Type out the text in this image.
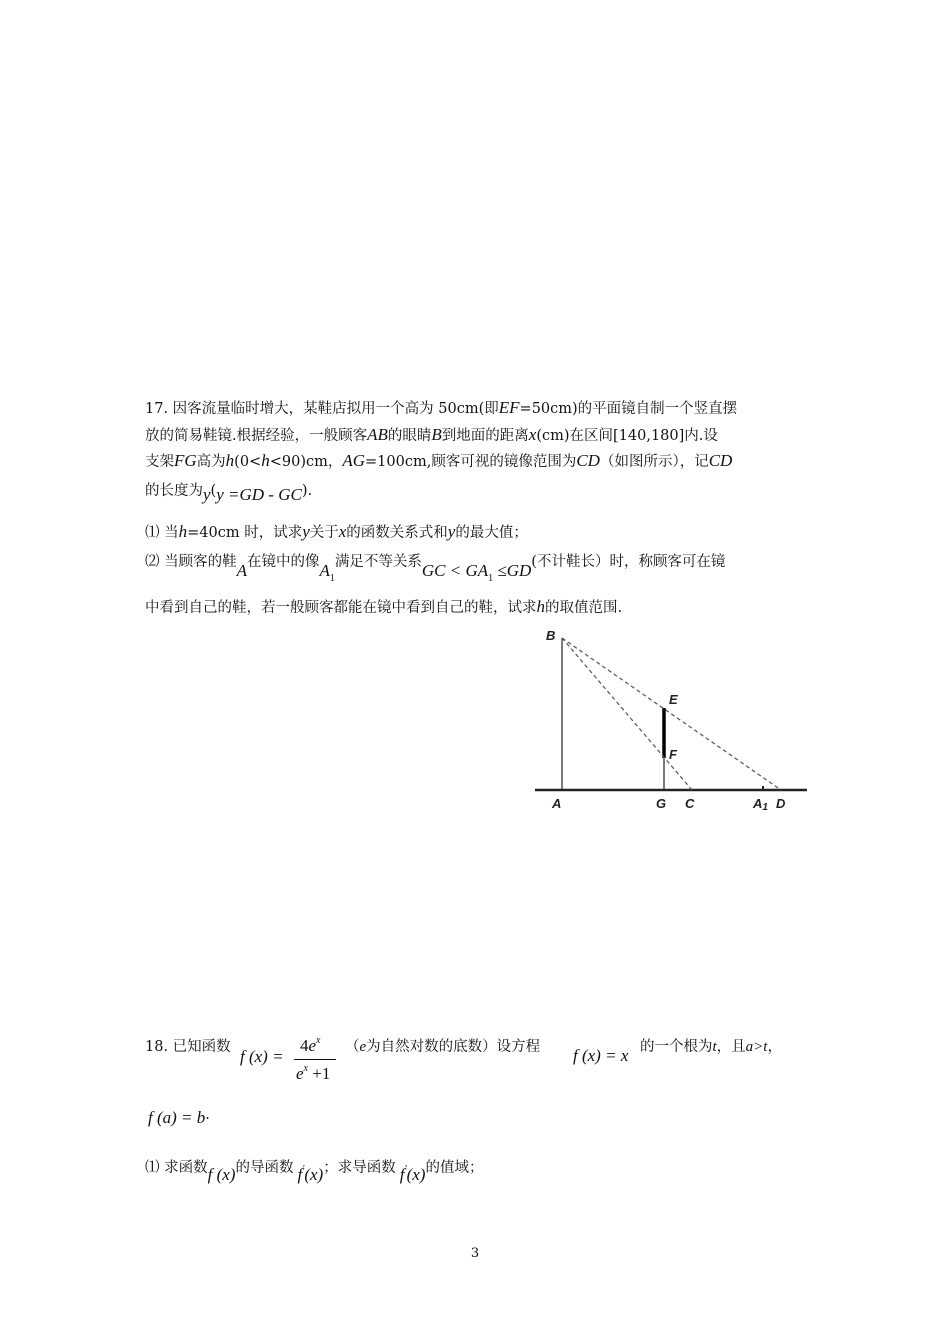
17. 因客流量临时增大，某鞋店拟用一个高为 50cm(即EF=50cm)的平面镜自制一个竖直摆
放的简易鞋镜.根据经验，一般顾客AB的眼睛B到地面的距离x(cm)在区间[140,180]内.设
支架FG高为h(0<h<90)cm，AG=100cm,顾客可视的镜像范围为CD（如图所示），记CD
的长度为y(y =GD - GC).
⑴ 当h=40cm 时，试求y关于x的函数关系式和y的最大值；
⑵ 当顾客的鞋A在镜中的像$A_1$满足不等关系GC < $GA_1 \le GD$(不计鞋长）时，称顾客可在镜
中看到自己的鞋，若一般顾客都能在镜中看到自己的鞋，试求h的取值范围.
B
E
F
A	G C	A1 D
18. 已知函数 f (x) =
$4e^x$
$e^x +1$
（e为自然对数的底数）设方程 f (x) = x 的一个根为t，且a>t，
f (a) = b·
⑴ 求函数f (x)的导函数 f'(x)；求导函数 f'(x)的值域；
3
